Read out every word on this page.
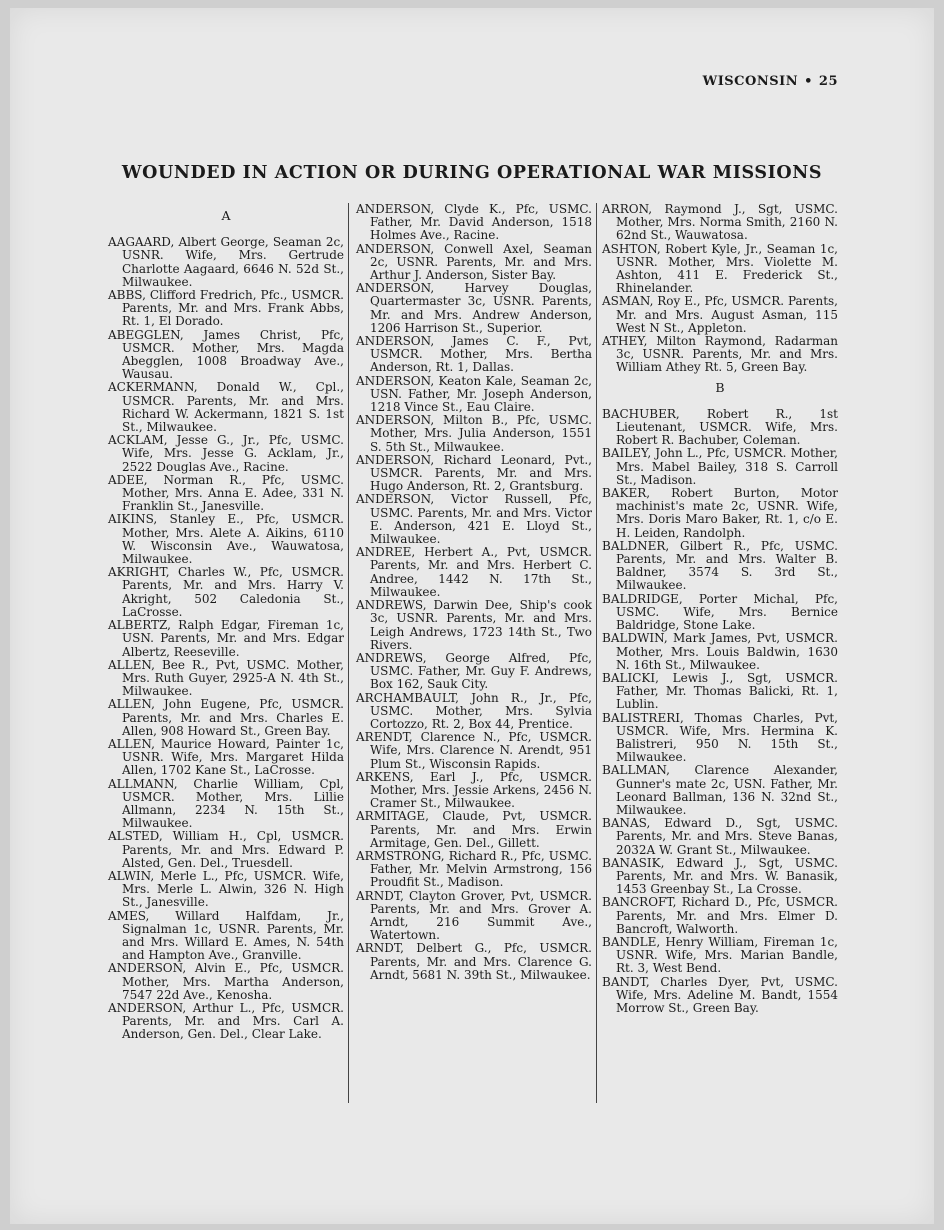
WISCONSIN • 25
WOUNDED IN ACTION OR DURING OPERATIONAL WAR MISSIONS
A
AAGAARD, Albert George, Seaman 2c, USNR. Wife, Mrs. Gertrude Charlotte Aagaard, 6646 N. 52d St., Milwaukee.
ABBS, Clifford Fredrich, Pfc., USMCR. Parents, Mr. and Mrs. Frank Abbs, Rt. 1, El Dorado.
ABEGGLEN, James Christ, Pfc, USMCR. Mother, Mrs. Magda Abegglen, 1008 Broadway Ave., Wausau.
ACKERMANN, Donald W., Cpl., USMCR. Parents, Mr. and Mrs. Richard W. Ackermann, 1821 S. 1st St., Milwaukee.
ACKLAM, Jesse G., Jr., Pfc, USMC. Wife, Mrs. Jesse G. Acklam, Jr., 2522 Douglas Ave., Racine.
ADEE, Norman R., Pfc, USMC. Mother, Mrs. Anna E. Adee, 331 N. Franklin St., Janesville.
AIKINS, Stanley E., Pfc, USMCR. Mother, Mrs. Alete A. Aikins, 6110 W. Wisconsin Ave., Wauwatosa, Milwaukee.
AKRIGHT, Charles W., Pfc, USMCR. Parents, Mr. and Mrs. Harry V. Akright, 502 Caledonia St., LaCrosse.
ALBERTZ, Ralph Edgar, Fireman 1c, USN. Parents, Mr. and Mrs. Edgar Albertz, Reeseville.
ALLEN, Bee R., Pvt, USMC. Mother, Mrs. Ruth Guyer, 2925-A N. 4th St., Milwaukee.
ALLEN, John Eugene, Pfc, USMCR. Parents, Mr. and Mrs. Charles E. Allen, 908 Howard St., Green Bay.
ALLEN, Maurice Howard, Painter 1c, USNR. Wife, Mrs. Margaret Hilda Allen, 1702 Kane St., LaCrosse.
ALLMANN, Charlie William, Cpl, USMCR. Mother, Mrs. Lillie Allmann, 2234 N. 15th St., Milwaukee.
ALSTED, William H., Cpl, USMCR. Parents, Mr. and Mrs. Edward P. Alsted, Gen. Del., Truesdell.
ALWIN, Merle L., Pfc, USMCR. Wife, Mrs. Merle L. Alwin, 326 N. High St., Janesville.
AMES, Willard Halfdam, Jr., Signalman 1c, USNR. Parents, Mr. and Mrs. Willard E. Ames, N. 54th and Hampton Ave., Granville.
ANDERSON, Alvin E., Pfc, USMCR. Mother, Mrs. Martha Anderson, 7547 22d Ave., Kenosha.
ANDERSON, Arthur L., Pfc, USMCR. Parents, Mr. and Mrs. Carl A. Anderson, Gen. Del., Clear Lake.
ANDERSON, Clyde K., Pfc, USMC. Father, Mr. David Anderson, 1518 Holmes Ave., Racine.
ANDERSON, Conwell Axel, Seaman 2c, USNR. Parents, Mr. and Mrs. Arthur J. Anderson, Sister Bay.
ANDERSON, Harvey Douglas, Quartermaster 3c, USNR. Parents, Mr. and Mrs. Andrew Anderson, 1206 Harrison St., Superior.
ANDERSON, James C. F., Pvt, USMCR. Mother, Mrs. Bertha Anderson, Rt. 1, Dallas.
ANDERSON, Keaton Kale, Seaman 2c, USN. Father, Mr. Joseph Anderson, 1218 Vince St., Eau Claire.
ANDERSON, Milton B., Pfc, USMC. Mother, Mrs. Julia Anderson, 1551 S. 5th St., Milwaukee.
ANDERSON, Richard Leonard, Pvt., USMCR. Parents, Mr. and Mrs. Hugo Anderson, Rt. 2, Grantsburg.
ANDERSON, Victor Russell, Pfc, USMC. Parents, Mr. and Mrs. Victor E. Anderson, 421 E. Lloyd St., Milwaukee.
ANDREE, Herbert A., Pvt, USMCR. Parents, Mr. and Mrs. Herbert C. Andree, 1442 N. 17th St., Milwaukee.
ANDREWS, Darwin Dee, Ship's cook 3c, USNR. Parents, Mr. and Mrs. Leigh Andrews, 1723 14th St., Two Rivers.
ANDREWS, George Alfred, Pfc, USMC. Father, Mr. Guy F. Andrews, Box 162, Sauk City.
ARCHAMBAULT, John R., Jr., Pfc, USMC. Mother, Mrs. Sylvia Cortozzo, Rt. 2, Box 44, Prentice.
ARENDT, Clarence N., Pfc, USMCR. Wife, Mrs. Clarence N. Arendt, 951 Plum St., Wisconsin Rapids.
ARKENS, Earl J., Pfc, USMCR. Mother, Mrs. Jessie Arkens, 2456 N. Cramer St., Milwaukee.
ARMITAGE, Claude, Pvt, USMCR. Parents, Mr. and Mrs. Erwin Armitage, Gen. Del., Gillett.
ARMSTRONG, Richard R., Pfc, USMC. Father, Mr. Melvin Armstrong, 156 Proudfit St., Madison.
ARNDT, Clayton Grover, Pvt, USMCR. Parents, Mr. and Mrs. Grover A. Arndt, 216 Summit Ave., Watertown.
ARNDT, Delbert G., Pfc, USMCR. Parents, Mr. and Mrs. Clarence G. Arndt, 5681 N. 39th St., Milwaukee.
ARRON, Raymond J., Sgt, USMC. Mother, Mrs. Norma Smith, 2160 N. 62nd St., Wauwatosa.
ASHTON, Robert Kyle, Jr., Seaman 1c, USNR. Mother, Mrs. Violette M. Ashton, 411 E. Frederick St., Rhinelander.
ASMAN, Roy E., Pfc, USMCR. Parents, Mr. and Mrs. August Asman, 115 West N St., Appleton.
ATHEY, Milton Raymond, Radarman 3c, USNR. Parents, Mr. and Mrs. William Athey Rt. 5, Green Bay.
B
BACHUBER, Robert R., 1st Lieutenant, USMCR. Wife, Mrs. Robert R. Bachuber, Coleman.
BAILEY, John L., Pfc, USMCR. Mother, Mrs. Mabel Bailey, 318 S. Carroll St., Madison.
BAKER, Robert Burton, Motor machinist's mate 2c, USNR. Wife, Mrs. Doris Maro Baker, Rt. 1, c/o E. H. Leiden, Randolph.
BALDNER, Gilbert R., Pfc, USMC. Parents, Mr. and Mrs. Walter B. Baldner, 3574 S. 3rd St., Milwaukee.
BALDRIDGE, Porter Michal, Pfc, USMC. Wife, Mrs. Bernice Baldridge, Stone Lake.
BALDWIN, Mark James, Pvt, USMCR. Mother, Mrs. Louis Baldwin, 1630 N. 16th St., Milwaukee.
BALICKI, Lewis J., Sgt, USMCR. Father, Mr. Thomas Balicki, Rt. 1, Lublin.
BALISTRERI, Thomas Charles, Pvt, USMCR. Wife, Mrs. Hermina K. Balistreri, 950 N. 15th St., Milwaukee.
BALLMAN, Clarence Alexander, Gunner's mate 2c, USN. Father, Mr. Leonard Ballman, 136 N. 32nd St., Milwaukee.
BANAS, Edward D., Sgt, USMC. Parents, Mr. and Mrs. Steve Banas, 2032A W. Grant St., Milwaukee.
BANASIK, Edward J., Sgt, USMC. Parents, Mr. and Mrs. W. Banasik, 1453 Greenbay St., La Crosse.
BANCROFT, Richard D., Pfc, USMCR. Parents, Mr. and Mrs. Elmer D. Bancroft, Walworth.
BANDLE, Henry William, Fireman 1c, USNR. Wife, Mrs. Marian Bandle, Rt. 3, West Bend.
BANDT, Charles Dyer, Pvt, USMC. Wife, Mrs. Adeline M. Bandt, 1554 Morrow St., Green Bay.
